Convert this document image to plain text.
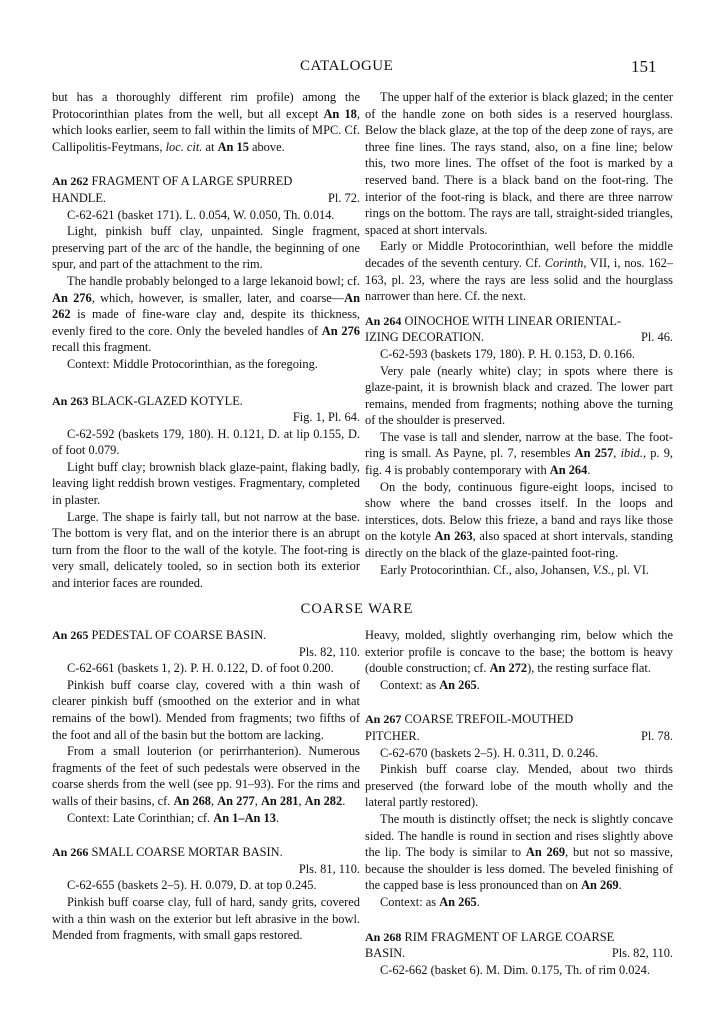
CATALOGUE	151

but has a thoroughly different rim profile) among the Protocorinthian plates from the well, but all except An 18, which looks earlier, seem to fall within the limits of MPC. Cf. Callipolitis-Feytmans, loc. cit. at An 15 above.

An 262 FRAGMENT OF A LARGE SPURRED
HANDLE.	Pl. 72.

C-62-621 (basket 171). L. 0.054, W. 0.050, Th. 0.014.

Light, pinkish buff clay, unpainted. Single fragment, preserving part of the arc of the handle, the beginning of one spur, and part of the attachment to the rim.

The handle probably belonged to a large lekanoid bowl; cf. An 276, which, however, is smaller, later, and coarse—An 262 is made of fine-ware clay and, despite its thickness, evenly fired to the core. Only the beveled handles of An 276 recall this fragment.

Context: Middle Protocorinthian, as the foregoing.

An 263 BLACK-GLAZED KOTYLE.
Fig. 1, Pl. 64.

C-62-592 (baskets 179, 180). H. 0.121, D. at lip 0.155, D. of foot 0.079.

Light buff clay; brownish black glaze-paint, flaking badly, leaving light reddish brown vestiges. Fragmentary, completed in plaster.

Large. The shape is fairly tall, but not narrow at the base. The bottom is very flat, and on the interior there is an abrupt turn from the floor to the wall of the kotyle. The foot-ring is very small, delicately tooled, so in section both its exterior and interior faces are rounded.

The upper half of the exterior is black glazed; in the center of the handle zone on both sides is a reserved hourglass. Below the black glaze, at the top of the deep zone of rays, are three fine lines. The rays stand, also, on a fine line; below this, two more lines. The offset of the foot is marked by a reserved band. There is a black band on the foot-ring. The interior of the foot-ring is black, and there are three narrow rings on the bottom. The rays are tall, straight-sided triangles, spaced at short intervals.

Early or Middle Protocorinthian, well before the middle decades of the seventh century. Cf. Corinth, VII, i, nos. 162–163, pl. 23, where the rays are less solid and the hourglass narrower than here. Cf. the next.

An 264 OINOCHOE WITH LINEAR ORIENTAL-
IZING DECORATION.	Pl. 46.

C-62-593 (baskets 179, 180). P. H. 0.153, D. 0.166.

Very pale (nearly white) clay; in spots where there is glaze-paint, it is brownish black and crazed. The lower part remains, mended from fragments; nothing above the turning of the shoulder is preserved.

The vase is tall and slender, narrow at the base. The foot-ring is small. As Payne, pl. 7, resembles An 257, ibid., p. 9, fig. 4 is probably contemporary with An 264.

On the body, continuous figure-eight loops, incised to show where the band crosses itself. In the loops and interstices, dots. Below this frieze, a band and rays like those on the kotyle An 263, also spaced at short intervals, standing directly on the black of the glaze-painted foot-ring.

Early Protocorinthian. Cf., also, Johansen, V.S., pl. VI.

COARSE WARE
An 265 PEDESTAL OF COARSE BASIN.
Pls. 82, 110.

C-62-661 (baskets 1, 2). P. H. 0.122, D. of foot 0.200.

Pinkish buff coarse clay, covered with a thin wash of clearer pinkish buff (smoothed on the exterior and in what remains of the bowl). Mended from fragments; two fifths of the foot and all of the basin but the bottom are lacking.

From a small louterion (or perirrhanterion). Numerous fragments of the feet of such pedestals were observed in the coarse sherds from the well (see pp. 91–93). For the rims and walls of their basins, cf. An 268, An 277, An 281, An 282.

Context: Late Corinthian; cf. An 1–An 13.

An 266 SMALL COARSE MORTAR BASIN.
Pls. 81, 110.

C-62-655 (baskets 2–5). H. 0.079, D. at top 0.245.

Pinkish buff coarse clay, full of hard, sandy grits, covered with a thin wash on the exterior but left abrasive in the bowl. Mended from fragments, with small gaps restored.

Heavy, molded, slightly overhanging rim, below which the exterior profile is concave to the base; the bottom is heavy (double construction; cf. An 272), the resting surface flat.

Context: as An 265.

An 267 COARSE TREFOIL-MOUTHED
PITCHER.	Pl. 78.

C-62-670 (baskets 2–5). H. 0.311, D. 0.246.

Pinkish buff coarse clay. Mended, about two thirds preserved (the forward lobe of the mouth wholly and the lateral partly restored).

The mouth is distinctly offset; the neck is slightly concave sided. The handle is round in section and rises slightly above the lip. The body is similar to An 269, but not so massive, because the shoulder is less domed. The beveled finishing of the capped base is less pronounced than on An 269.

Context: as An 265.

An 268 RIM FRAGMENT OF LARGE COARSE
BASIN.	Pls. 82, 110.

C-62-662 (basket 6). M. Dim. 0.175, Th. of rim 0.024.
